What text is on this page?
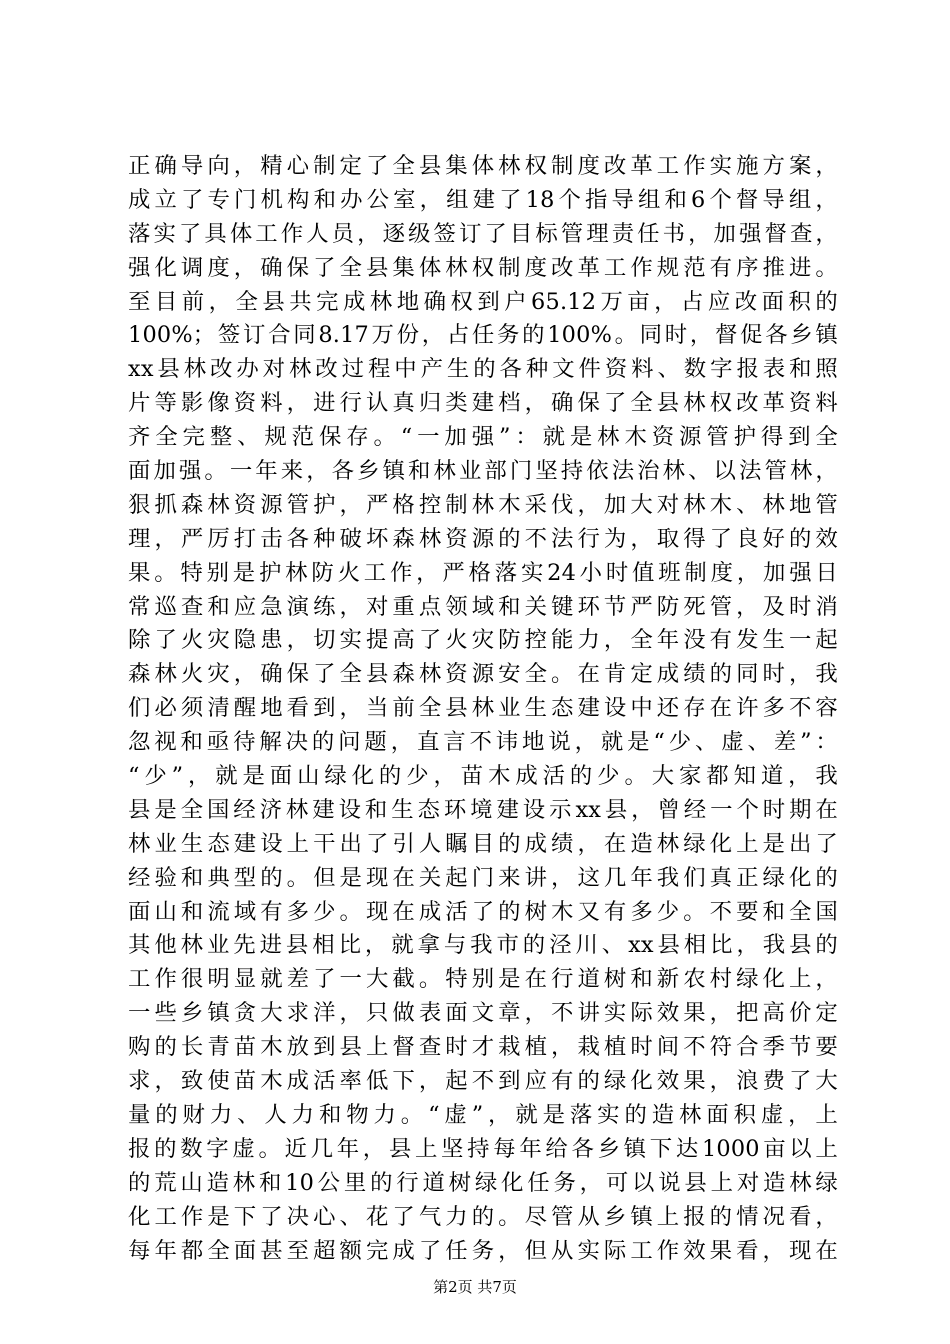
正确导向，精心制定了全县集体林权制度改革工作实施方案，
成立了专门机构和办公室，组建了18个指导组和6个督导组，
落实了具体工作人员，逐级签订了目标管理责任书，加强督查，
强化调度，确保了全县集体林权制度改革工作规范有序推进。
至目前，全县共完成林地确权到户65.12万亩，占应改面积的
100%；签订合同8.17万份，占任务的100%。同时，督促各乡镇
xx县林改办对林改过程中产生的各种文件资料、数字报表和照
片等影像资料，进行认真归类建档，确保了全县林权改革资料
齐全完整、规范保存。“一加强”：就是林木资源管护得到全
面加强。一年来，各乡镇和林业部门坚持依法治林、以法管林，
狠抓森林资源管护，严格控制林木采伐，加大对林木、林地管
理，严厉打击各种破坏森林资源的不法行为，取得了良好的效
果。特别是护林防火工作，严格落实24小时值班制度，加强日
常巡查和应急演练，对重点领域和关键环节严防死管，及时消
除了火灾隐患，切实提高了火灾防控能力，全年没有发生一起
森林火灾，确保了全县森林资源安全。在肯定成绩的同时，我
们必须清醒地看到，当前全县林业生态建设中还存在许多不容
忽视和亟待解决的问题，直言不讳地说，就是“少、虚、差”：
“少”，就是面山绿化的少，苗木成活的少。大家都知道，我
县是全国经济林建设和生态环境建设示xx县，曾经一个时期在
林业生态建设上干出了引人瞩目的成绩，在造林绿化上是出了
经验和典型的。但是现在关起门来讲，这几年我们真正绿化的
面山和流域有多少。现在成活了的树木又有多少。不要和全国
其他林业先进县相比，就拿与我市的泾川、xx县相比，我县的
工作很明显就差了一大截。特别是在行道树和新农村绿化上，
一些乡镇贪大求洋，只做表面文章，不讲实际效果，把高价定
购的长青苗木放到县上督查时才栽植，栽植时间不符合季节要
求，致使苗木成活率低下，起不到应有的绿化效果，浪费了大
量的财力、人力和物力。“虚”，就是落实的造林面积虚，上
报的数字虚。近几年，县上坚持每年给各乡镇下达1000亩以上
的荒山造林和10公里的行道树绿化任务，可以说县上对造林绿
化工作是下了决心、花了气力的。尽管从乡镇上报的情况看，
每年都全面甚至超额完成了任务，但从实际工作效果看，现在
第2页 共7页
